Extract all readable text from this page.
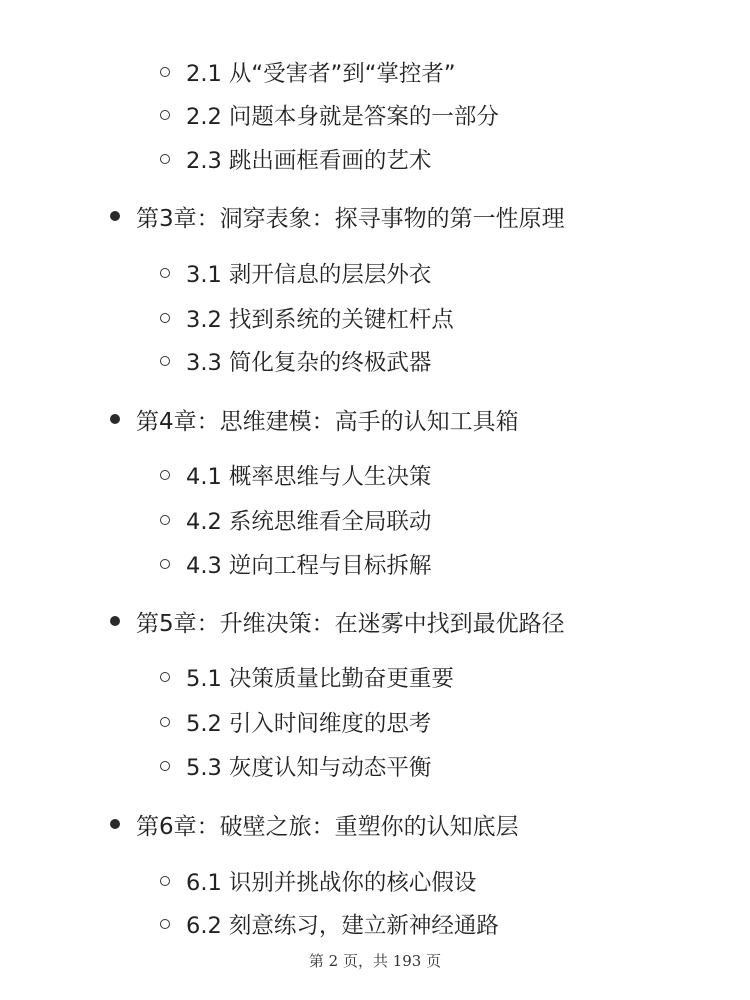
2.1 从“受害者”到“掌控者”
2.2 问题本身就是答案的一部分
2.3 跳出画框看画的艺术
第3章：洞穿表象：探寻事物的第一性原理
3.1 剥开信息的层层外衣
3.2 找到系统的关键杠杆点
3.3 简化复杂的终极武器
第4章：思维建模：高手的认知工具箱
4.1 概率思维与人生决策
4.2 系统思维看全局联动
4.3 逆向工程与目标拆解
第5章：升维决策：在迷雾中找到最优路径
5.1 决策质量比勤奋更重要
5.2 引入时间维度的思考
5.3 灰度认知与动态平衡
第6章：破壁之旅：重塑你的认知底层
6.1 识别并挑战你的核心假设
6.2 刻意练习，建立新神经通路
第 2 页，共 193 页
